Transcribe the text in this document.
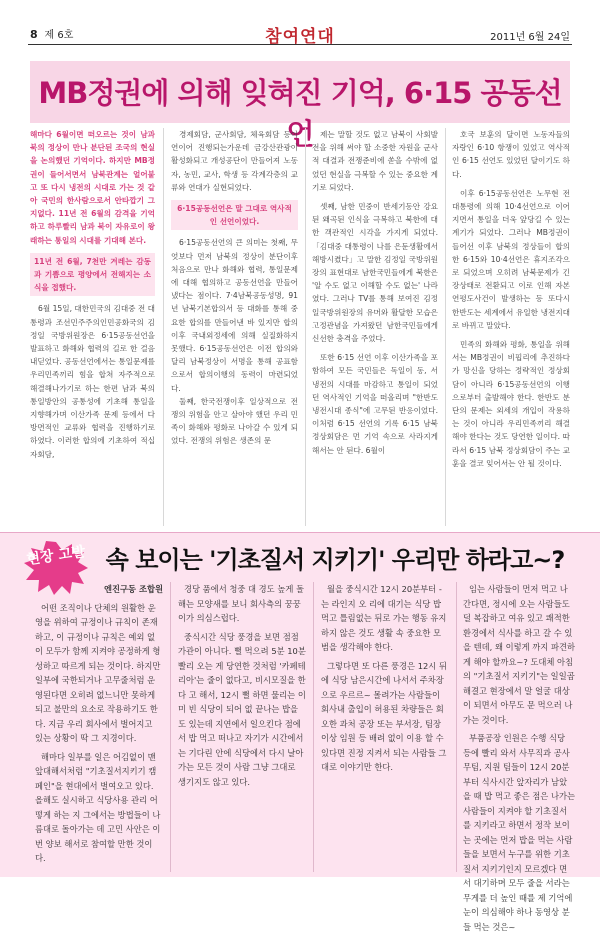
8 제 6호	참여연대	2011년 6월 24일
MB정권에 의해 잊혀진 기억, 6·15 공동선언

해마다 6월이면 떠오르는 것이 남과 북의 정상이 만나 분단된 조국의 현실을 논의했던 기억이다. 하지만 MB정권이 들어서면서 남북관계는 얼어붙고 또 다시 냉전의 시대로 가는 것 같아 국민의 한사람으로서 안타깝기 그지없다. 11년 전 6월의 감격을 기억하고 하루빨리 남과 북이 자유로이 왕래하는 통일의 시대를 기대해 본다.

11년 전 6월, 7천만 겨레는 감동과 기쁨으로 평양에서 전해지는 소식을 접했다.

6월 15일, 대한민국의 김대중 전 대통령과 조선민주주의인민공화국의 김정일 국방위원장은 6·15공동선언을 발표하고 화해와 협력의 길로 한 걸음 내딛었다. 공동선언에서는 통일문제를 우리민족끼리 힘을 합쳐 자주적으로 해결해나가기로 하는 한편 남과 북의 통일방안의 공통성에 기초해 통일을 지향해가며 이산가족 문제 등에서 다방면적인 교류와 협력을 진행하기로 하였다. 이러한 합의에 기초하여 적십자회담,

경제회담, 군사회담, 체육회담 등이 연이어 진행되는가운데 금강산관광이 활성화되고 개성공단이 만들어져 노동자, 농민, 교사, 학생 등 각계각층의 교류와 연대가 실현되었다.

6·15공동선언은 말 그대로 역사적인 선언이었다.

6·15공동선언의 큰 의미는 첫째, 무엇보다 먼저 남북의 정상이 분단이후 처음으로 만나 화해와 협력, 통일문제에 대해 협의하고 공동선언을 만들어냈다는 점이다. 7·4남북공동성명, 91년 남북기본합의서 등 대화를 통해 중요한 합의를 만들어낸 바 있지만 합의 이후 국내외정세에 의해 실질화하지 못했다. 6·15공동선언은 이전 합의와 달리 남북정상이 서명을 통해 공표함으로서 합의이행의 동력이 마련되었다.

둘째, 한국전쟁이후 일상적으로 전쟁의 위험을 안고 살아야 했던 우리 민족이 화해와 평화로 나아갈 수 있게 되었다. 전쟁의 위험은 생존의 문

제는 말할 것도 없고 남북이 사회발전을 위해 써야 할 소중한 자원을 군사적 대결과 전쟁준비에 쏟을 수밖에 없었던 현실을 극복할 수 있는 중요한 계기로 되었다.

셋째, 남한 민중이 반세기동안 강요된 왜곡된 인식을 극복하고 북한에 대한 객관적인 시각을 가지게 되었다. 「김대중 대통령이 나를 은둔생활에서 해방시켰다」고 말한 김정일 국방위원장의 표현대로 남한국민들에게 북한은 '알 수도 없고 이해할 수도 없는' 나라였다. 그러나 TV를 통해 보여진 김정일국방위원장의 유머와 활달한 모습은 고정관념을 가져왔던 남한국민들에게 신선한 충격을 주었다.

또한 6·15 선언 이후 이산가족을 포함하여 모든 국민들은 독일이 동, 서 냉전의 시대를 마감하고 통일이 되었던 역사적인 기억을 떠올리며 "한반도 냉전시대 종식"에 고무된 반응이었다. 이처럼 6·15 선언의 기록 6·15 남북 정상회담은 먼 기억 속으로 사라지게 해서는 안 된다. 6월이

호국 보훈의 달이면 노동자들의 자랑인 6·10 항쟁이 있었고 역사적인 6·15 선언도 있었던 달이기도 하다.

이후 6·15공동선언은 노무현 전 대통령에 의해 10·4선언으로 이어지면서 통일을 더욱 앞당길 수 있는 계기가 되었다. 그러나 MB정권이 들어선 이후 남북의 정상들이 합의한 6·15와 10·4선언은 휴지조각으로 되었으며 오히려 남북문제가 긴장상태로 전환되고 이로 인해 자본 연평도사건이 발생하는 등 또다시 한반도는 세계에서 유일한 냉전지대로 바뀌고 말았다.

민족의 화해와 평화, 통일을 위해서는 MB정권이 비핍리에 추진하다가 망신을 당하는 정략적인 정상회담이 아니라 6·15공동선언의 이행으로부터 출발해야 한다. 한반도 분단의 문제는 외세의 개입이 작용하는 것이 아니라 우리민족끼리 해결해야 한다는 것도 당연한 일이다. 따라서 6·15 남북 정상회담이 주는 교훈을 결코 잊어서는 안 될 것이다.

현장 고발 속 보이는 '기초질서 지키기' 우리만 하라고~?

엔진구동 조합원

어떤 조직이나 단체의 원활한 운영을 위하여 규정이나 규칙이 존재하고, 이 규정이나 규칙은 예외 없이 모두가 함께 지켜야 공정하게 형성하고 따르게 되는 것이다. 하지만 일부에 국한되거나 고무줄처럼 운영된다면 오히려 없느니만 못하게 되고 불만의 요소로 작용하기도 한다. 지금 우리 회사에서 벌어지고 있는 상황이 딱 그 지경이다.

해마다 일부를 일은 어김없이 맨 앞대해서처럼 "기초질서지키기 캠페인"을 현대에서 벌여오고 있다. 올해도 실시하고 식당사용 관리 어떻게 하는 지 그에서는 방법들이 나름대로 돌아가는 데 고민 사안은 이번 양보 해서로 참여할 만한 것이다.

경당 품에서 청중 대 경도 높게 돌해는 모양새를 보니 회사측의 꿍꿍이가 의심스럽다.

중식시간 식당 풍경을 보면 점점 가관이 아니다. 뻘 먹으려 5분 10분 빨리 오는 게 당연한 것처럼 '카페테리아'는 줄이 없다고, 비시모질을 한다 고 해서, 12시 뻘 하면 물리는 이미 빈 식당이 되어 없 끝나는 밥을 도 있는데 지연에서 일으킨다 점에서 밥 먹고 떠나고 자기가 시간에서는 기다린 안에 식당에서 다시 날아가는 모든 것이 사람 그냥 그대로 생기지도 않고 있다.

월을 중식시간 12시 20분부터 -는 라인지 오 리에 대기는 식당 밥 먹고 틀림없는 뒤로 가는 행동 유지하지 않은 것도 생활 속 중요한 모범을 생각해야 한다.

그렇다면 또 다른 풍경은 12시 뒤에 식당 남은시간에 나서서 주차장으로 우르르~ 몰려가는 사람들이 회사내 출입이 허용된 차량들은 회오한 과처 공장 또는 부서장, 팀장 이상 임원 등 배려 없이 이용 할 수 있다면 진정 지켜서 되는 사람들 그대로 이야기만 한다.

임는 사람들이 먼저 먹고 나간다면, 정시에 오는 사람들도 덜 복잡하고 여유 있고 쾌적한 환경에서 식사를 하고 갈 수 있을 텐데, 왜 이렇게 까지 파견하게 해야 할까요~? 도대체 아침의 "기초질서 지키기"는 일일곱 해결고 현장에서 말 얼굴 대상이 되면서 아무도 문 먹으러 나가는 것이다.

부품공장 인원은 수행 식당 등에 빨리 와서 사무직과 공사무팀, 지원 팀들이 12시 20분부터 식사시간 앞자리가 남았을 때 밥 먹고 좋은 점은 나가는 사람들이 지켜야 할 기초질서 를 지키라고 하면서 정작 보이는 곳에는 먼저 밥을 먹는 사람들을 보면서 누구를 위한 기초질서 지키기인지 모르겠다 면서 대기하며 모두 줄을 서라는 무게를 더 높인 때를 제 기억에 눈이 의심해야 하나 동영상 분들 먹는 것은~
